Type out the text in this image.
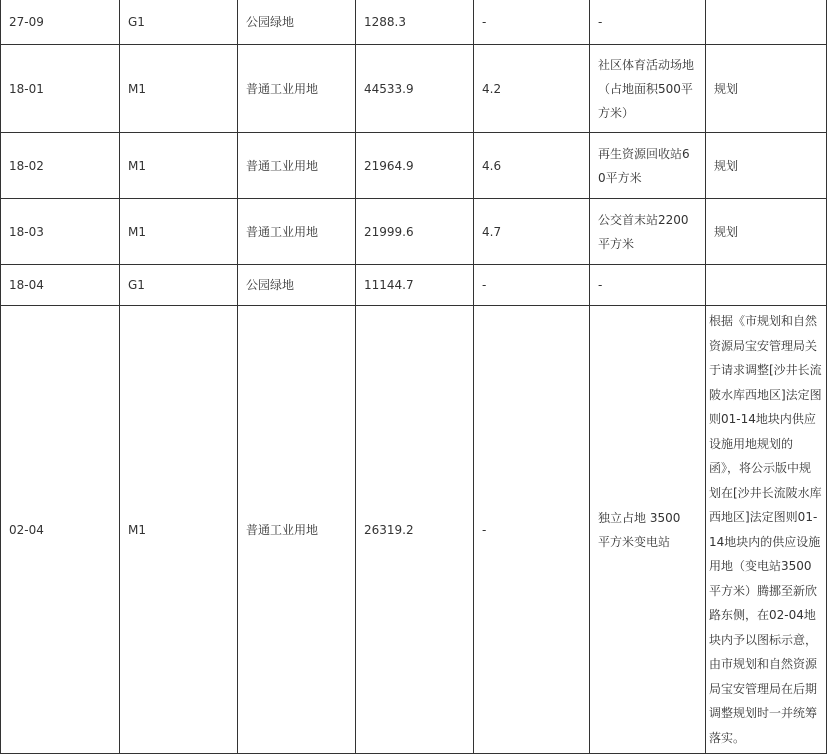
27-09	G1	公园绿地	1288.3	-	-	
18-01	M1	普通工业用地	44533.9	4.2	社区体育活动场地（占地面积500平方米）	规划
18-02	M1	普通工业用地	21964.9	4.6	再生资源回收站60平方米	规划
18-03	M1	普通工业用地	21999.6	4.7	公交首末站2200平方米	规划
18-04	G1	公园绿地	11144.7	-	-	
02-04	M1	普通工业用地	26319.2	-	独立占地 3500 平方米变电站	根据《市规划和自然资源局宝安管理局关于请求调整[沙井长流陂水库西地区]法定图则01-14地块内供应设施用地规划的函》，将公示版中规划在[沙井长流陂水库西地区]法定图则01-14地块内的供应设施用地（变电站3500平方米）腾挪至新欣路东侧，在02-04地块内予以图标示意，由市规划和自然资源局宝安管理局在后期调整规划时一并统筹落实。
